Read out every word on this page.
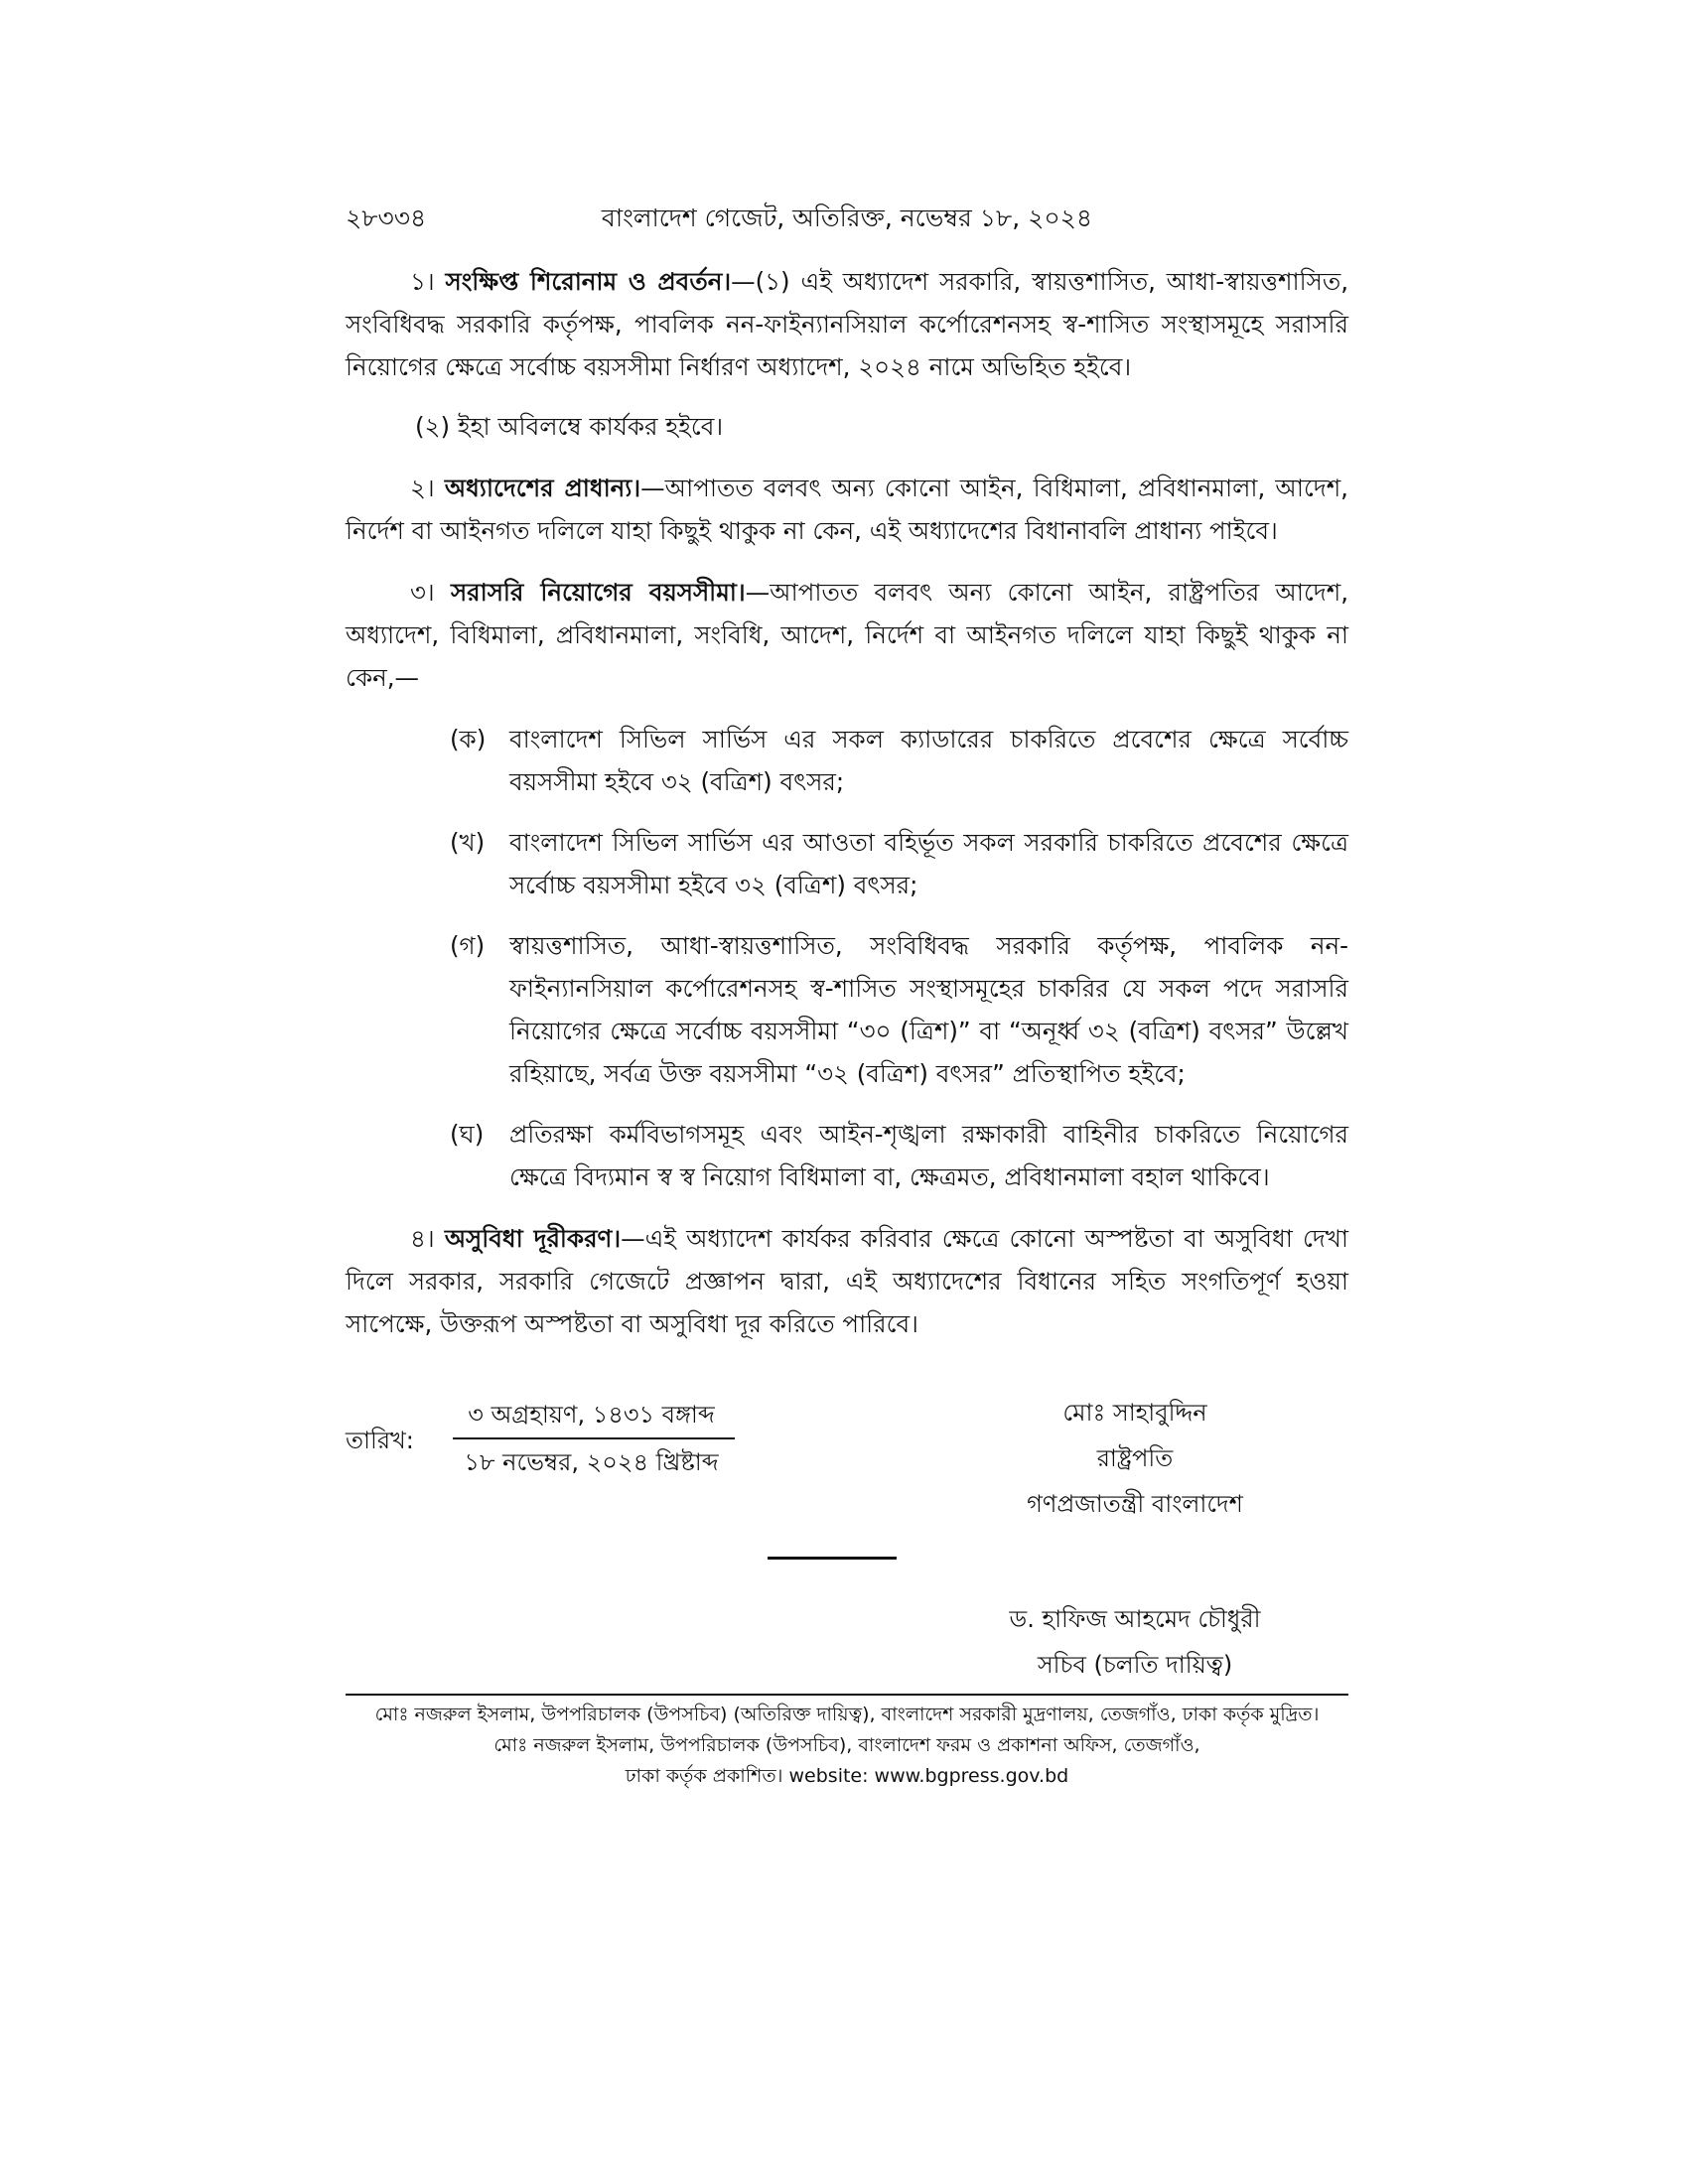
২৮৩৩৪	বাংলাদেশ গেজেট, অতিরিক্ত, নভেম্বর ১৮, ২০২৪

১। সংক্ষিপ্ত শিরোনাম ও প্রবর্তন।—(১) এই অধ্যাদেশ সরকারি, স্বায়ত্তশাসিত, আধা-স্বায়ত্তশাসিত, সংবিধিবদ্ধ সরকারি কর্তৃপক্ষ, পাবলিক নন-ফাইন্যানসিয়াল কর্পোরেশনসহ স্ব-শাসিত সংস্থাসমূহে সরাসরি নিয়োগের ক্ষেত্রে সর্বোচ্চ বয়সসীমা নির্ধারণ অধ্যাদেশ, ২০২৪ নামে অভিহিত হইবে।

(২) ইহা অবিলম্বে কার্যকর হইবে।

২। অধ্যাদেশের প্রাধান্য।—আপাতত বলবৎ অন্য কোনো আইন, বিধিমালা, প্রবিধানমালা, আদেশ, নির্দেশ বা আইনগত দলিলে যাহা কিছুই থাকুক না কেন, এই অধ্যাদেশের বিধানাবলি প্রাধান্য পাইবে।

৩। সরাসরি নিয়োগের বয়সসীমা।—আপাতত বলবৎ অন্য কোনো আইন, রাষ্ট্রপতির আদেশ, অধ্যাদেশ, বিধিমালা, প্রবিধানমালা, সংবিধি, আদেশ, নির্দেশ বা আইনগত দলিলে যাহা কিছুই থাকুক না কেন,—

(ক) বাংলাদেশ সিভিল সার্ভিস এর সকল ক্যাডারের চাকরিতে প্রবেশের ক্ষেত্রে সর্বোচ্চ বয়সসীমা হইবে ৩২ (বত্রিশ) বৎসর;
(খ) বাংলাদেশ সিভিল সার্ভিস এর আওতা বহির্ভূত সকল সরকারি চাকরিতে প্রবেশের ক্ষেত্রে সর্বোচ্চ বয়সসীমা হইবে ৩২ (বত্রিশ) বৎসর;
(গ) স্বায়ত্তশাসিত, আধা-স্বায়ত্তশাসিত, সংবিধিবদ্ধ সরকারি কর্তৃপক্ষ, পাবলিক নন-ফাইন্যানসিয়াল কর্পোরেশনসহ স্ব-শাসিত সংস্থাসমূহের চাকরির যে সকল পদে সরাসরি নিয়োগের ক্ষেত্রে সর্বোচ্চ বয়সসীমা “৩০ (ত্রিশ)” বা “অনূর্ধ্ব ৩২ (বত্রিশ) বৎসর” উল্লেখ রহিয়াছে, সর্বত্র উক্ত বয়সসীমা “৩২ (বত্রিশ) বৎসর” প্রতিস্থাপিত হইবে;
(ঘ) প্রতিরক্ষা কর্মবিভাগসমূহ এবং আইন-শৃঙ্খলা রক্ষাকারী বাহিনীর চাকরিতে নিয়োগের ক্ষেত্রে বিদ্যমান স্ব স্ব নিয়োগ বিধিমালা বা, ক্ষেত্রমত, প্রবিধানমালা বহাল থাকিবে।

৪। অসুবিধা দূরীকরণ।—এই অধ্যাদেশ কার্যকর করিবার ক্ষেত্রে কোনো অস্পষ্টতা বা অসুবিধা দেখা দিলে সরকার, সরকারি গেজেটে প্রজ্ঞাপন দ্বারা, এই অধ্যাদেশের বিধানের সহিত সংগতিপূর্ণ হওয়া সাপেক্ষে, উক্তরূপ অস্পষ্টতা বা অসুবিধা দূর করিতে পারিবে।

তারিখ:
৩ অগ্রহায়ণ, ১৪৩১ বঙ্গাব্দ
১৮ নভেম্বর, ২০২৪ খ্রিষ্টাব্দ
মোঃ সাহাবুদ্দিন
রাষ্ট্রপতি
গণপ্রজাতন্ত্রী বাংলাদেশ
ড. হাফিজ আহমেদ চৌধুরী
সচিব (চলতি দায়িত্ব)
মোঃ নজরুল ইসলাম, উপপরিচালক (উপসচিব) (অতিরিক্ত দায়িত্ব), বাংলাদেশ সরকারী মুদ্রণালয়, তেজগাঁও, ঢাকা কর্তৃক মুদ্রিত।
মোঃ নজরুল ইসলাম, উপপরিচালক (উপসচিব), বাংলাদেশ ফরম ও প্রকাশনা অফিস, তেজগাঁও,
ঢাকা কর্তৃক প্রকাশিত। website: www.bgpress.gov.bd
